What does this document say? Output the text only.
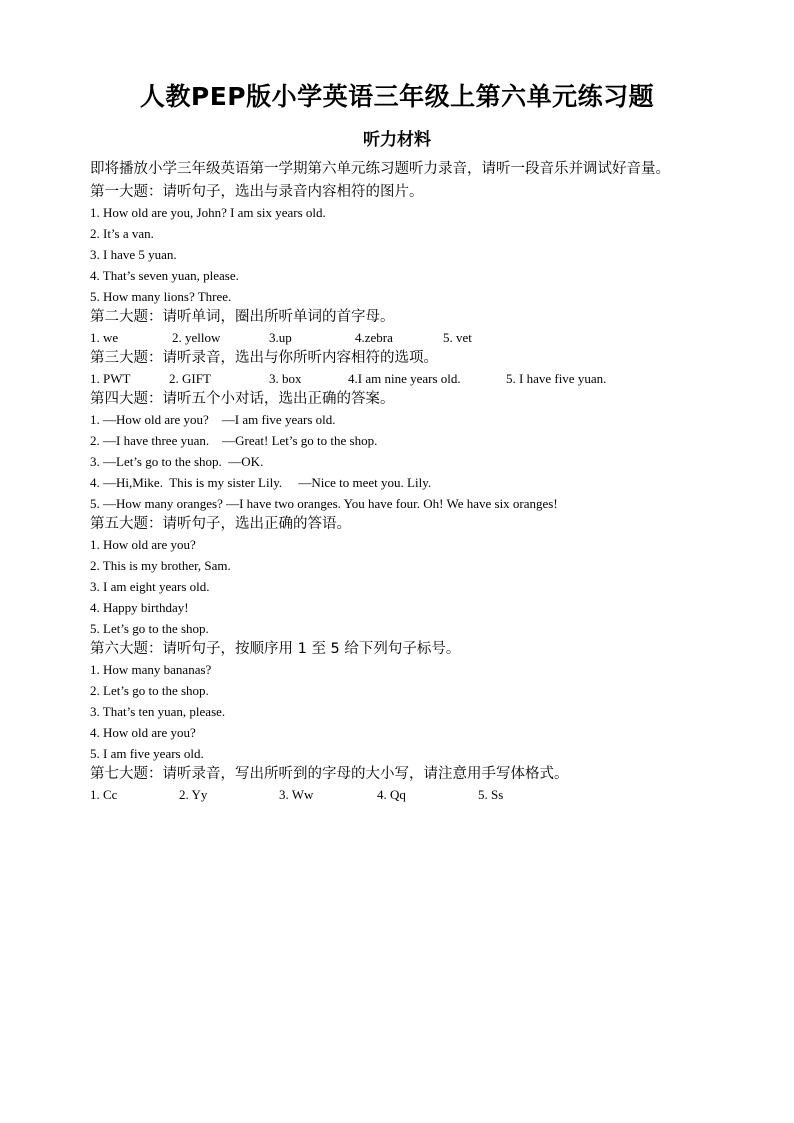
人教PEP版小学英语三年级上第六单元练习题
听力材料
即将播放小学三年级英语第一学期第六单元练习题听力录音，请听一段音乐并调试好音量。
第一大题：请听句子，选出与录音内容相符的图片。
1. How old are you, John? I am six years old.
2. It’s a van.
3. I have 5 yuan.
4. That’s seven yuan, please.
5. How many lions? Three.
第二大题：请听单词，圈出所听单词的首字母。
1. we	2. yellow	3.up	4.zebra	5. vet
第三大题：请听录音，选出与你所听内容相符的选项。
1. PWT	2. GIFT	3. box	4.I am nine years old.	5. I have five yuan.
第四大题：请听五个小对话，选出正确的答案。
1. —How old are you?    —I am five years old.
2. —I have three yuan.    —Great! Let’s go to the shop.
3. —Let’s go to the shop.  —OK.
4. —Hi,Mike.  This is my sister Lily.     —Nice to meet you. Lily.
5. —How many oranges? —I have two oranges. You have four. Oh! We have six oranges!
第五大题：请听句子，选出正确的答语。
1. How old are you?
2. This is my brother, Sam.
3. I am eight years old.
4. Happy birthday!
5. Let’s go to the shop.
第六大题：请听句子，按顺序用 1 至 5 给下列句子标号。
1. How many bananas?
2. Let’s go to the shop.
3. That’s ten yuan, please.
4. How old are you?
5. I am five years old.
第七大题：请听录音，写出所听到的字母的大小写，请注意用手写体格式。
1. Cc	2. Yy	3. Ww	4. Qq	5. Ss
